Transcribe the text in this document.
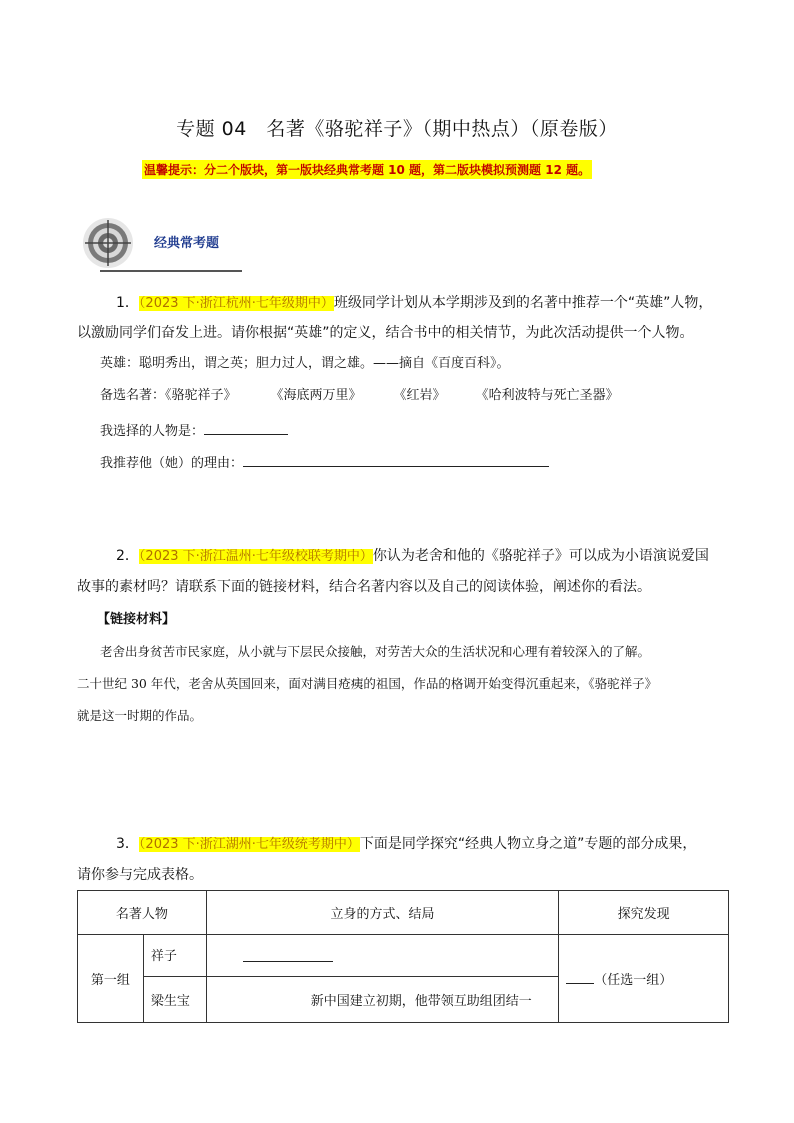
专题 04　名著《骆驼祥子》（期中热点）（原卷版）
温馨提示：分二个版块，第一版块经典常考题 10 题，第二版块模拟预测题 12 题。
经典常考题
1．（2023 下·浙江杭州·七年级期中）班级同学计划从本学期涉及到的名著中推荐一个“英雄”人物，
以激励同学们奋发上进。请你根据“英雄”的定义，结合书中的相关情节，为此次活动提供一个人物。
英雄：聪明秀出，谓之英；胆力过人，谓之雄。——摘自《百度百科》。
备选名著：《骆驼祥子》	《海底两万里》 《红岩》 《哈利波特与死亡圣器》
我选择的人物是：
我推荐他（她）的理由：
2．（2023 下·浙江温州·七年级校联考期中）你认为老舍和他的《骆驼祥子》可以成为小语演说爱国
故事的素材吗？请联系下面的链接材料，结合名著内容以及自己的阅读体验，阐述你的看法。
【链接材料】
老舍出身贫苦市民家庭，从小就与下层民众接触，对劳苦大众的生活状况和心理有着较深入的了解。
二十世纪 30 年代，老舍从英国回来，面对满目疮痍的祖国，作品的格调开始变得沉重起来，《骆驼祥子》
就是这一时期的作品。
3．（2023 下·浙江湖州·七年级统考期中）下面是同学探究“经典人物立身之道”专题的部分成果，
请你参与完成表格。
名著人物		立身的方式、结局	探究发现
第一组	祥子		（任选一组）
	梁生宝	新中国建立初期，他带领互助组团结一	
